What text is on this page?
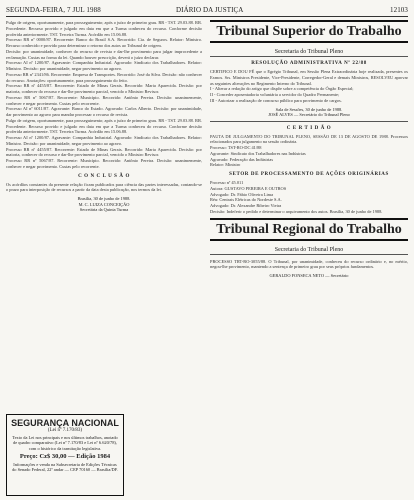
SEGUNDA-FEIRA, 7 JUL 1988	DIÁRIO DA JUSTIÇA	12103

Pulgo de origem, oportunamente, para prosseguimento; após o juízo de primeiro grau. RR - TST. 29.03.88. RR. Procedente. Recurso provido e julgado em data em que a Turma conheceu do recurso. Conforme decisão proferida anteriormente. TST. Terceira Turma. Acórdão em 15.06.88.

Processo RR nº 0000/87. Recorrente: Banco do Brasil S.A. Recorrido: Cia. de Seguros. Relator: Ministro. Recurso conhecido e provido para determinar o retorno dos autos ao Tribunal de origem.

Decisão: por unanimidade, conhecer do recurso de revista e dar-lhe provimento para julgar improcedente a reclamação. Custas na forma da lei. Quando houver prescrição, deverá o juízo declarar.

Processo AI nº 1200/87. Agravante: Companhia Industrial. Agravado: Sindicato dos Trabalhadores. Relator: Ministro. Decisão: por unanimidade, negar provimento ao agravo.

Processo RR nº 2341/86. Recorrente: Empresa de Transportes. Recorrido: José da Silva. Decisão: não conhecer do recurso. Anotações: oportunamente, para prosseguimento do feito.

Processo RR nº 4455/87. Recorrente: Estado de Minas Gerais. Recorrido: Maria Aparecida. Decisão: por maioria, conhecer do recurso e dar-lhe provimento parcial, vencido o Ministro Revisor.

Processo RR nº 5067/87. Recorrente: Município. Recorrido: Antônio Pereira. Decisão: unanimemente, conhecer e negar provimento. Custas pelo recorrente.

Processo AI nº 6011/87. Agravante: Banco do Estado. Agravado: Carlos Alberto. Decisão: por unanimidade, dar provimento ao agravo para mandar processar o recurso de revista.

Pulgo de origem, oportunamente, para prosseguimento; após o juízo de primeiro grau. RR - TST. 29.03.88. RR. Procedente. Recurso provido e julgado em data em que a Turma conheceu do recurso. Conforme decisão proferida anteriormente. TST. Terceira Turma. Acórdão em 15.06.88.

Processo AI nº 1200/87. Agravante: Companhia Industrial. Agravado: Sindicato dos Trabalhadores. Relator: Ministro. Decisão: por unanimidade, negar provimento ao agravo.

Processo RR nº 4455/87. Recorrente: Estado de Minas Gerais. Recorrido: Maria Aparecida. Decisão: por maioria, conhecer do recurso e dar-lhe provimento parcial, vencido o Ministro Revisor.

Processo RR nº 5067/87. Recorrente: Município. Recorrido: Antônio Pereira. Decisão: unanimemente, conhecer e negar provimento. Custas pelo recorrente.

C O N C L U S Ã O

Os acórdãos constantes da presente relação ficam publicados para ciência das partes interessadas, contando-se o prazo para interposição de recursos a partir da data desta publicação, nos termos da lei.

Brasília, 30 de junho de 1988.
M. C. LUIZA CONCEIÇÃO
Secretária da Quinta Turma
SEGURANÇA NACIONAL
(Lei nº 7.170/83)

Texto da Lei nos principais e nos últimos trabalhos, anotado de quadro comparativo (Lei nº 7.170/83 e Lei nº 6.620/78), com o histórico da tramitação legislativa.

Preço: Cz$ 30,00 — Edição 1984

Informações e venda na Subsecretaria de Edições Técnicas do Senado Federal, 22º andar — CEP 70160 — Brasília/DF.

Tribunal Superior do Trabalho
Secretaria do Tribunal Pleno
RESOLUÇÃO ADMINISTRATIVA Nº 22/88

CERTIFICO E DOU FÉ que o Egrégio Tribunal, em Sessão Plena Extraordinária hoje realizada, presentes os Exmos. Srs. Ministros Presidente, Vice-Presidente, Corregedor-Geral e demais Ministros, RESOLVEU aprovar as seguintes alterações no Regimento Interno do Tribunal.

I - Alterar a redação do artigo que dispõe sobre a competência do Órgão Especial;

II - Conceder aposentadoria voluntária a servidor do Quadro Permanente;

III - Autorizar a realização de concurso público para provimento de cargos.

Sala de Sessões, 30 de junho de 1988.
JOSÉ ALVES — Secretário do Tribunal Pleno
C E R T I D Ã O

PAUTA DE JULGAMENTO DO TRIBUNAL PLENO, SESSÃO DE 13 DE AGOSTO DE 1988. Processos relacionados para julgamento na sessão ordinária.

Processo: TST-RO-DC 41/88

Agravante: Sindicato dos Trabalhadores nas Indústrias

Agravado: Federação das Indústrias

Relator: Ministro

SETOR DE PROCESSAMENTO DE AÇÕES ORIGINÁRIAS

Processo nº 45.011

Autora: GUSTAVO PEREIRA E OUTROS

Advogado: Dr. Fábio Oliveira Lima

Réu: Centrais Elétricas do Nordeste S.A.

Advogado: Dr. Alexandre Ribeiro Vieira

Decisão: Indeferir o pedido e determinar o arquivamento dos autos. Brasília, 30 de junho de 1988.

Tribunal Regional do Trabalho
Secretaria do Tribunal Pleno

PROCESSO TRT-RO-3055/88. O Tribunal, por unanimidade, conheceu do recurso ordinário e, no mérito, negou-lhe provimento, mantendo a sentença de primeiro grau por seus próprios fundamentos.

GERALDO FONSECA NETO — Secretário
